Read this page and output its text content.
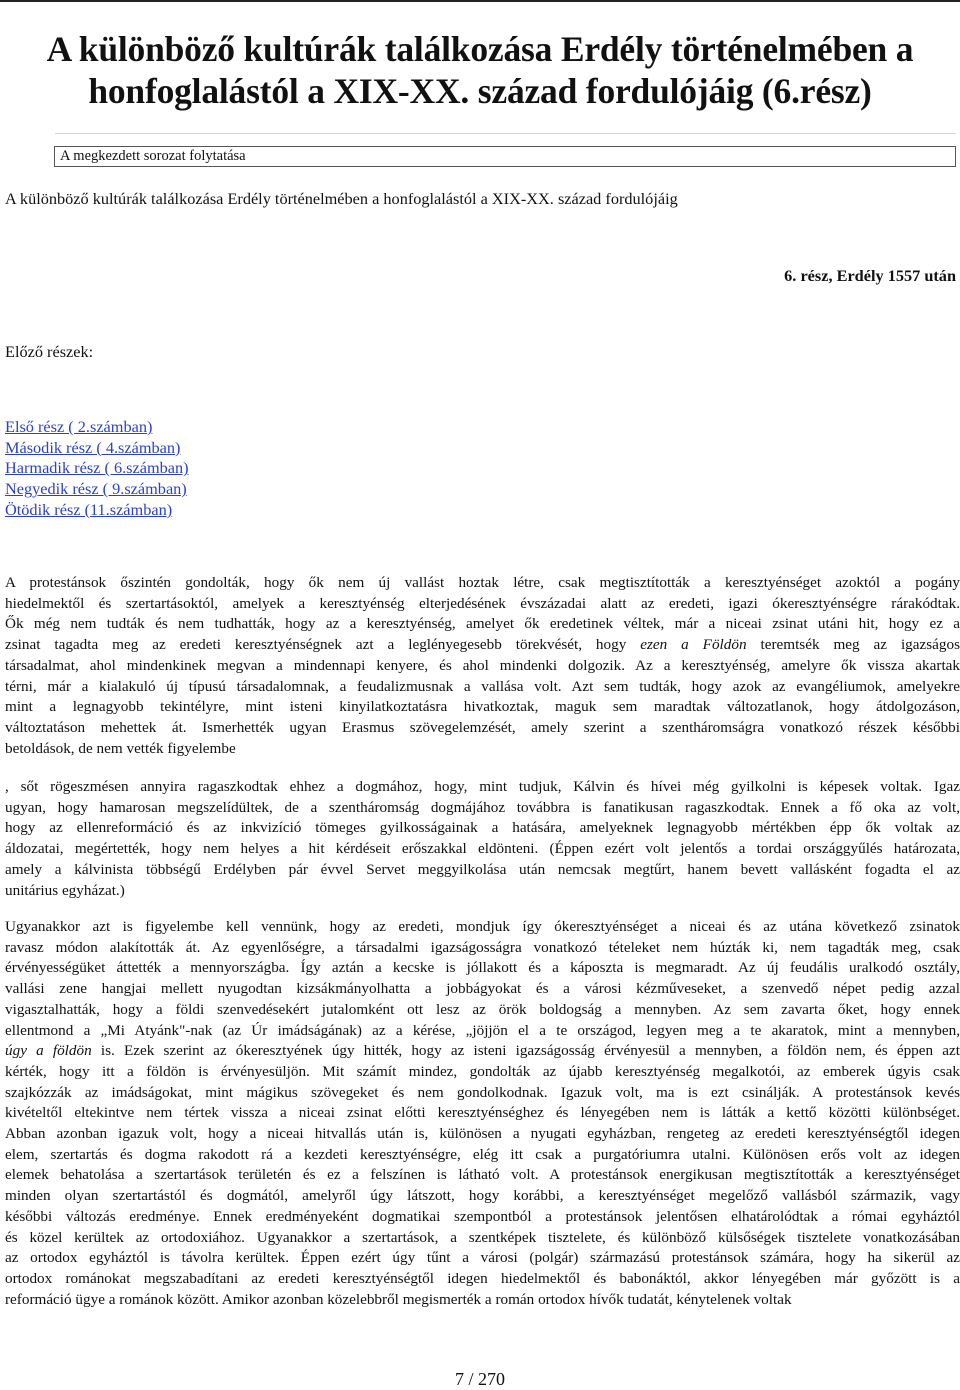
A különböző kultúrák találkozása Erdély történelmében a
honfoglalástól a XIX-XX. század fordulójáig (6.rész)
A megkezdett sorozat folytatása
A különböző kultúrák találkozása Erdély történelmében a honfoglalástól a XIX-XX. század fordulójáig
6. rész, Erdély 1557 után
Előző részek:
Első rész ( 2.számban)
Második rész ( 4.számban)
Harmadik rész ( 6.számban)
Negyedik rész ( 9.számban)
Ötödik rész (11.számban)
A protestánsok őszintén gondolták, hogy ők nem új vallást hoztak létre, csak megtisztították a keresztyénséget azoktól a pogány
hiedelmektől és szertartásoktól, amelyek a keresztyénség elterjedésének évszázadai alatt az eredeti, igazi ókeresztyénségre rárakódtak.
Ők még nem tudták és nem tudhatták, hogy az a keresztyénség, amelyet ők eredetinek véltek, már a niceai zsinat utáni hit, hogy ez a
zsinat tagadta meg az eredeti keresztyénségnek azt a leglényegesebb törekvését, hogy ezen a Földön teremtsék meg az igazságos
társadalmat, ahol mindenkinek megvan a mindennapi kenyere, és ahol mindenki dolgozik. Az a keresztyénség, amelyre ők vissza akartak
térni, már a kialakuló új típusú társadalomnak, a feudalizmusnak a vallása volt. Azt sem tudták, hogy azok az evangéliumok, amelyekre
mint a legnagyobb tekintélyre, mint isteni kinyilatkoztatásra hivatkoztak, maguk sem maradtak változatlanok, hogy átdolgozáson,
változtatáson mehettek át. Ismerhették ugyan Erasmus szövegelemzését, amely szerint a szentháromságra vonatkozó részek későbbi
betoldások, de nem vették figyelembe
, sőt rögeszmésen annyira ragaszkodtak ehhez a dogmához, hogy, mint tudjuk, Kálvin és hívei még gyilkolni is képesek voltak. Igaz
ugyan, hogy hamarosan megszelídültek, de a szentháromság dogmájához továbbra is fanatikusan ragaszkodtak. Ennek a fő oka az volt,
hogy az ellenreformáció és az inkvizíció tömeges gyilkosságainak a hatására, amelyeknek legnagyobb mértékben épp ők voltak az
áldozatai, megértették, hogy nem helyes a hit kérdéseit erőszakkal eldönteni. (Éppen ezért volt jelentős a tordai országgyűlés határozata,
amely a kálvinista többségű Erdélyben pár évvel Servet meggyilkolása után nemcsak megtűrt, hanem bevett vallásként fogadta el az
unitárius egyházat.)
Ugyanakkor azt is figyelembe kell vennünk, hogy az eredeti, mondjuk így ókeresztyénséget a niceai és az utána következő zsinatok
ravasz módon alakították át. Az egyenlőségre, a társadalmi igazságosságra vonatkozó tételeket nem húzták ki, nem tagadták meg, csak
érvényességüket áttették a mennyországba. Így aztán a kecske is jóllakott és a káposzta is megmaradt. Az új feudális uralkodó osztály,
vallási zene hangjai mellett nyugodtan kizsákmányolhatta a jobbágyokat és a városi kézműveseket, a szenvedő népet pedig azzal
vigasztalhatták, hogy a földi szenvedésekért jutalomként ott lesz az örök boldogság a mennyben. Az sem zavarta őket, hogy ennek
ellentmond a „Mi Atyánk"-nak (az Úr imádságának) az a kérése, „jöjjön el a te országod, legyen meg a te akaratok, mint a mennyben,
úgy a földön is. Ezek szerint az ókeresztyének úgy hitték, hogy az isteni igazságosság érvényesül a mennyben, a földön nem, és éppen azt
kérték, hogy itt a földön is érvényesüljön. Mit számít mindez, gondolták az újabb keresztyénség megalkotói, az emberek úgyis csak
szajkózzák az imádságokat, mint mágikus szövegeket és nem gondolkodnak. Igazuk volt, ma is ezt csinálják. A protestánsok kevés
kivételtől eltekintve nem tértek vissza a niceai zsinat előtti keresztyénséghez és lényegében nem is látták a kettő közötti különbséget.
Abban azonban igazuk volt, hogy a niceai hitvallás után is, különösen a nyugati egyházban, rengeteg az eredeti keresztyénségtől idegen
elem, szertartás és dogma rakodott rá a kezdeti keresztyénségre, elég itt csak a purgatóriumra utalni. Különösen erős volt az idegen
elemek behatolása a szertartások területén és ez a felszínen is látható volt. A protestánsok energikusan megtisztították a keresztyénséget
minden olyan szertartástól és dogmától, amelyről úgy látszott, hogy korábbi, a keresztyénséget megelőző vallásból származik, vagy
későbbi változás eredménye. Ennek eredményeként dogmatikai szempontból a protestánsok jelentősen elhatárolódtak a római egyháztól
és közel kerültek az ortodoxiához. Ugyanakkor a szertartások, a szentképek tisztelete, és különböző külsőségek tisztelete vonatkozásában
az ortodox egyháztól is távolra kerültek. Éppen ezért úgy tűnt a városi (polgár) származású protestánsok számára, hogy ha sikerül az
ortodox románokat megszabadítani az eredeti keresztyénségtől idegen hiedelmektől és babonáktól, akkor lényegében már győzött is a
reformáció ügye a románok között. Amikor azonban közelebbről megismerték a román ortodox hívők tudatát, kénytelenek voltak
7 / 270
